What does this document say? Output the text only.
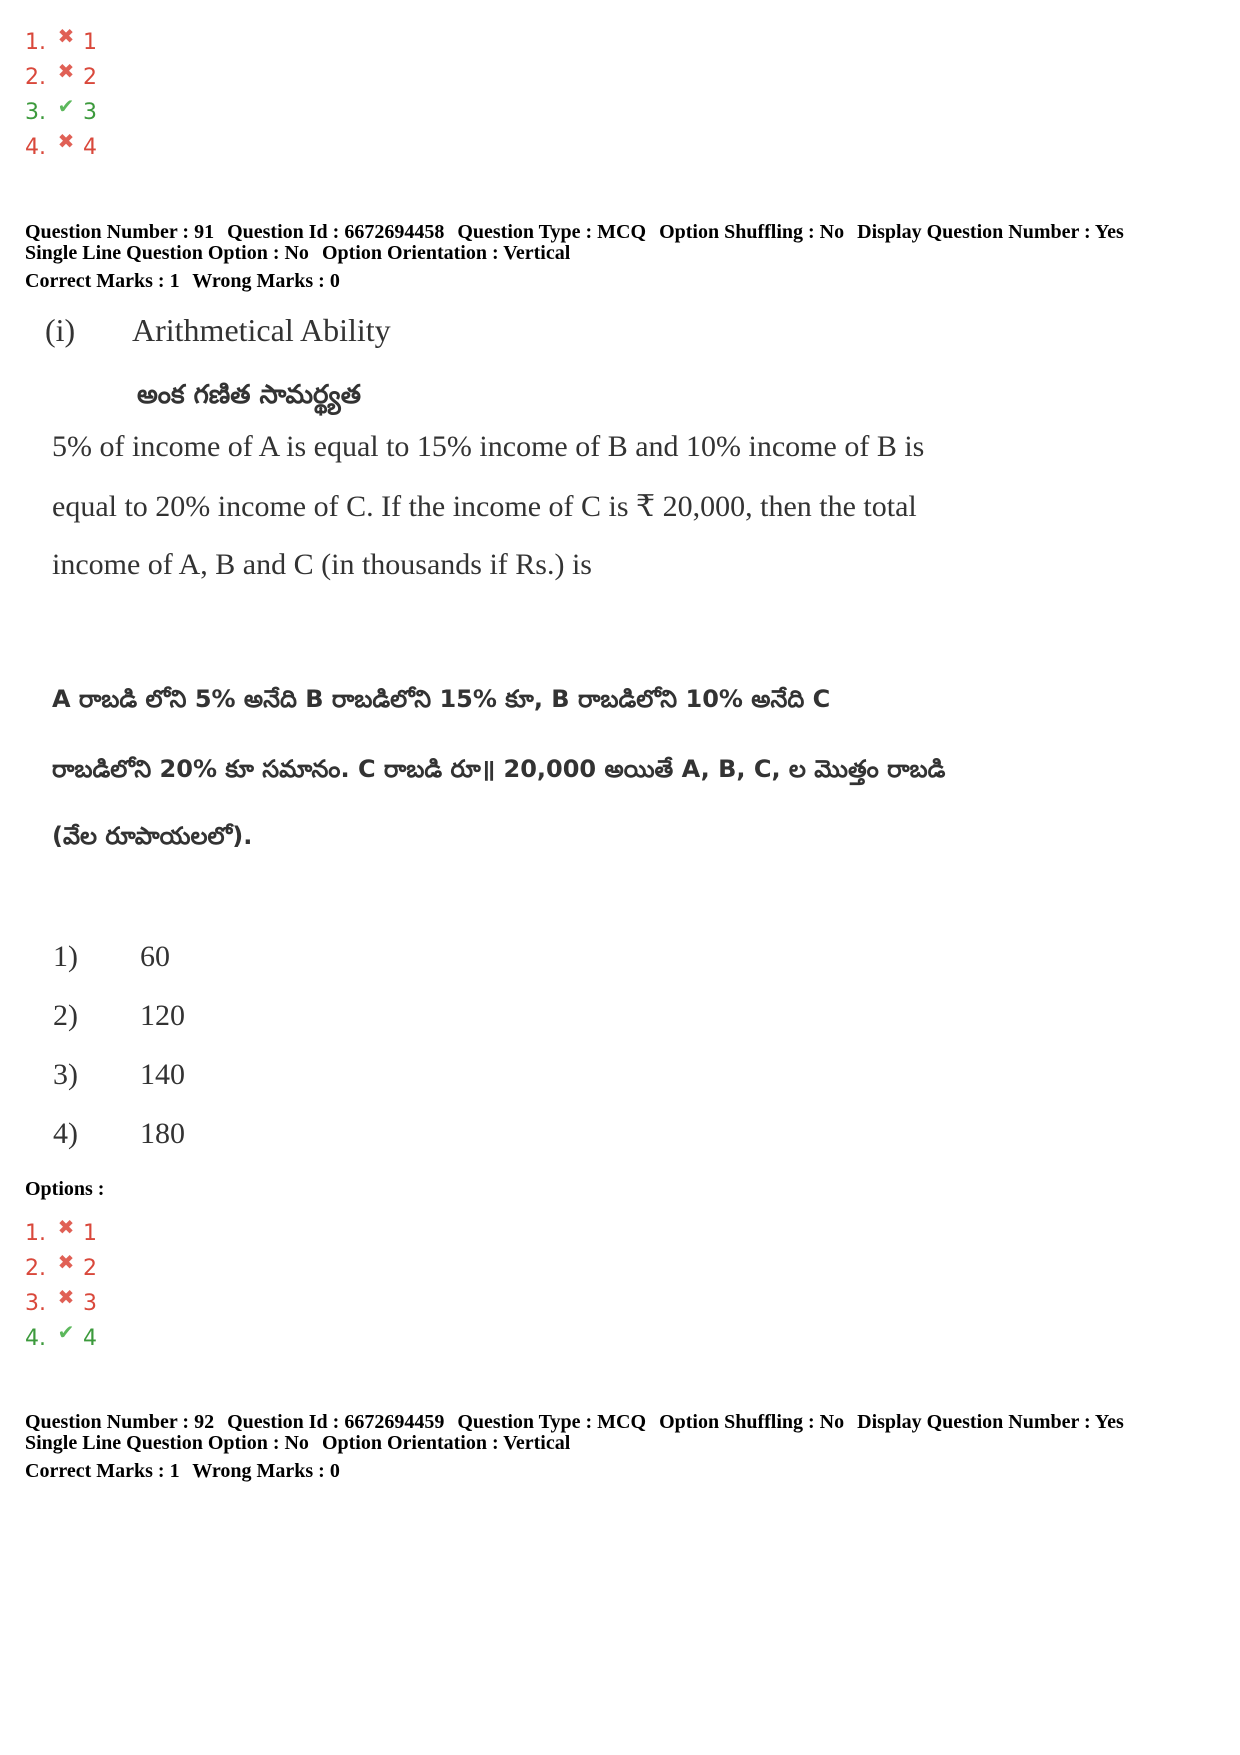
1. ✖ 1
2. ✖ 2
3. ✔ 3
4. ✖ 4
Question Number : 91 Question Id : 6672694458 Question Type : MCQ Option Shuffling : No Display Question Number : Yes
Single Line Question Option : No Option Orientation : Vertical
Correct Marks : 1 Wrong Marks : 0
(i) Arithmetical Ability
అంక గణిత సామర్థ్యత
5% of income of A is equal to 15% income of B and 10% income of B is
equal to 20% income of C. If the income of C is ₹ 20,000, then the total
income of A, B and C (in thousands if Rs.) is
A రాబడి లోని 5% అనేది B రాబడిలోని 15% కూ, B రాబడిలోని 10% అనేది C
రాబడిలోని 20% కూ సమానం. C రాబడి రూ॥ 20,000 అయితే A, B, C, ల మొత్తం రాబడి
(వేల రూపాయలలో).
1) 60
2) 120
3) 140
4) 180
Options :
1. ✖ 1
2. ✖ 2
3. ✖ 3
4. ✔ 4
Question Number : 92 Question Id : 6672694459 Question Type : MCQ Option Shuffling : No Display Question Number : Yes
Single Line Question Option : No Option Orientation : Vertical
Correct Marks : 1 Wrong Marks : 0
